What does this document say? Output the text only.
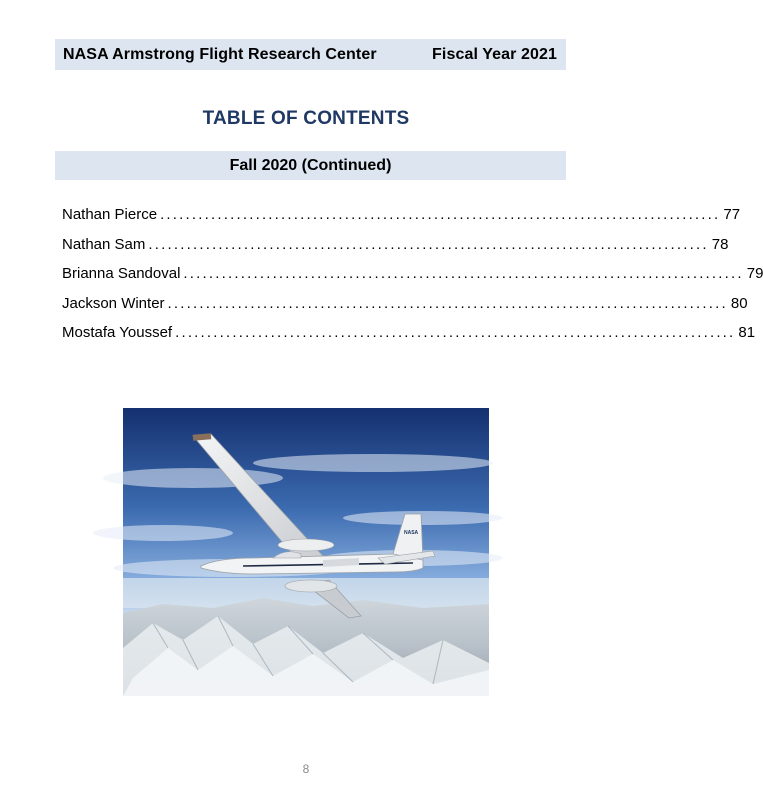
NASA Armstrong Flight Research Center	Fiscal Year 2021
TABLE OF CONTENTS
Fall 2020 (Continued)
Nathan Pierce ........................................................................................ 77
Nathan Sam ........................................................................................ 78
Brianna Sandoval ........................................................................................ 79
Jackson Winter ........................................................................................ 80
Mostafa Youssef ........................................................................................ 81
NASA
8
